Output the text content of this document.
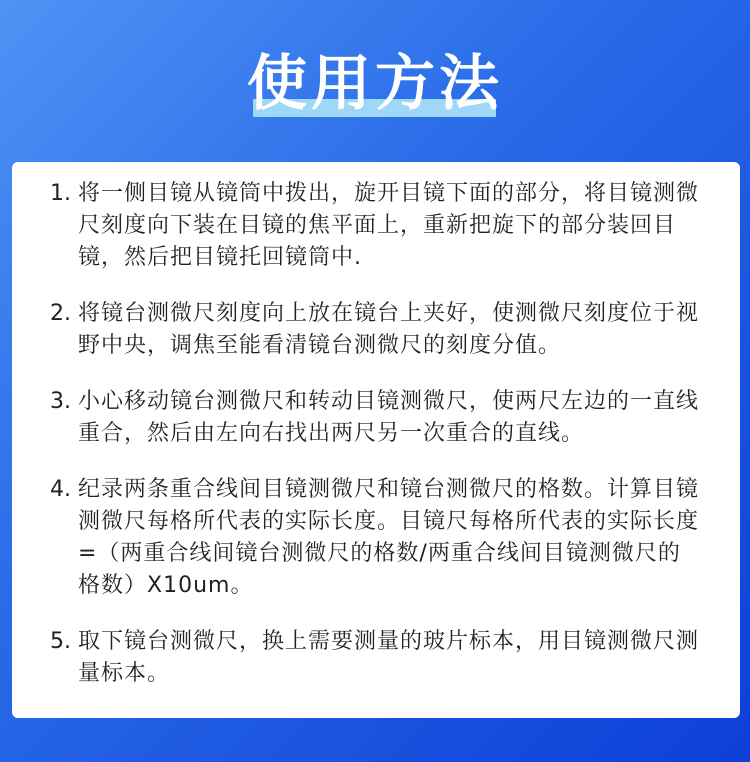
使用方法
1. 将一侧目镜从镜筒中拨出，旋开目镜下面的部分，将目镜测微尺刻度向下装在目镜的焦平面上，重新把旋下的部分装回目镜，然后把目镜托回镜筒中.
2. 将镜台测微尺刻度向上放在镜台上夹好，使测微尺刻度位于视野中央，调焦至能看清镜台测微尺的刻度分值。
3. 小心移动镜台测微尺和转动目镜测微尺，使两尺左边的一直线重合，然后由左向右找出两尺另一次重合的直线。
4. 纪录两条重合线间目镜测微尺和镜台测微尺的格数。计算目镜测微尺每格所代表的实际长度。目镜尺每格所代表的实际长度=（两重合线间镜台测微尺的格数/两重合线间目镜测微尺的格数）X10um。
5. 取下镜台测微尺，换上需要测量的玻片标本，用目镜测微尺测量标本。
